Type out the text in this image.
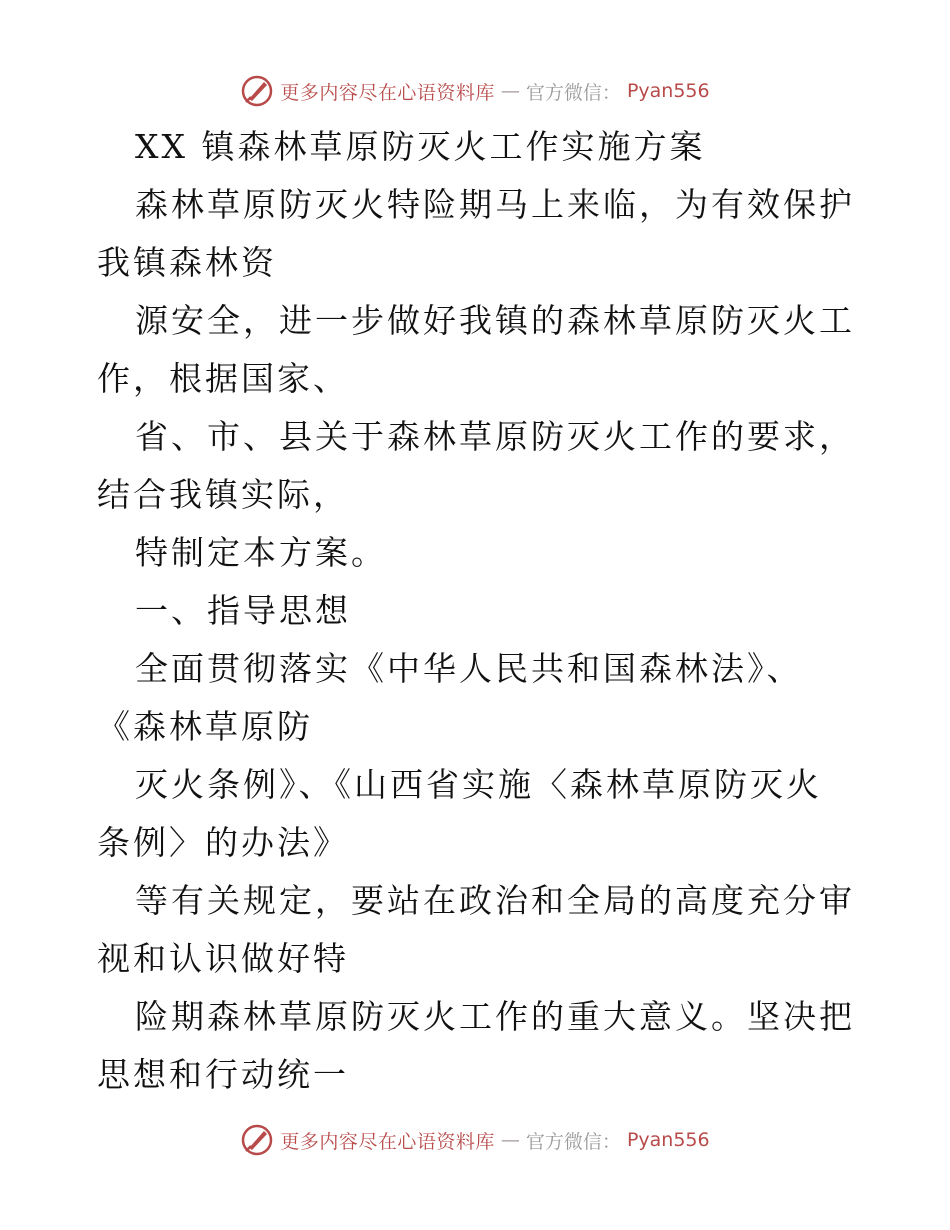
更多内容尽在心语资料库 — 官方微信： Pyan556

XX 镇森林草原防灭火工作实施方案

森林草原防灭火特险期马上来临，为有效保护我镇森林资

源安全，进一步做好我镇的森林草原防灭火工作，根据国家、

省、市、县关于森林草原防灭火工作的要求，结合我镇实际，

特制定本方案。

一、指导思想

全面贯彻落实《中华人民共和国森林法》、《森林草原防

灭火条例》、《山西省实施〈森林草原防灭火条例〉的办法》

等有关规定，要站在政治和全局的高度充分审视和认识做好特

险期森林草原防灭火工作的重大意义。坚决把思想和行动统一

更多内容尽在心语资料库 — 官方微信： Pyan556
